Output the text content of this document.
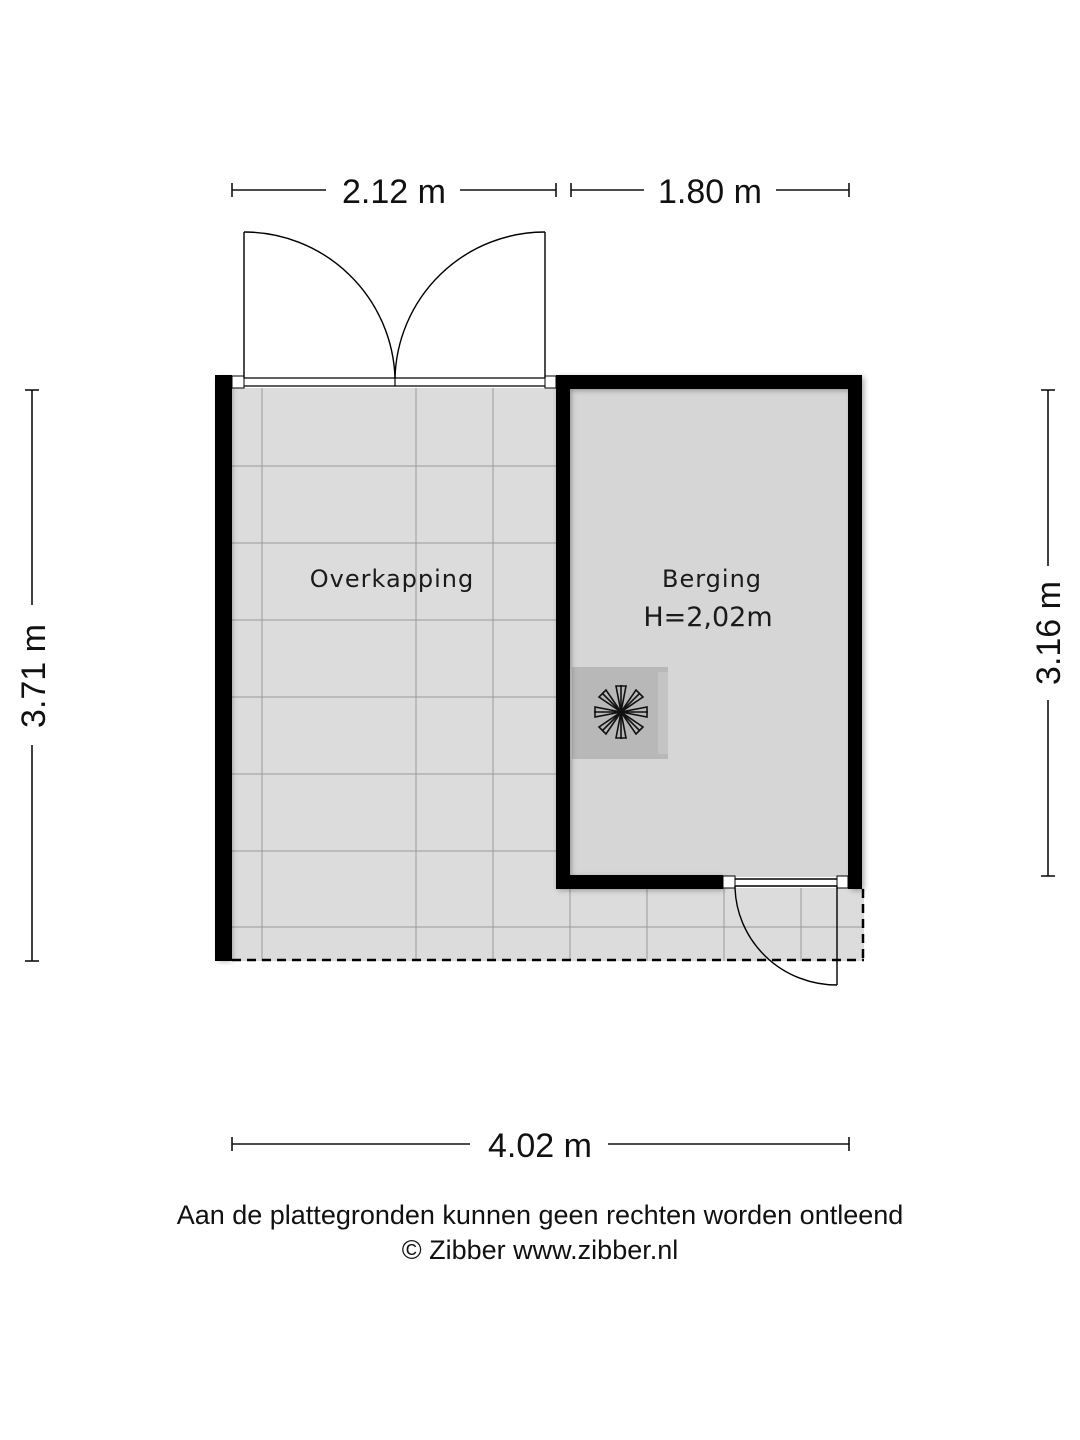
2.12 m	1.80 m
3.71 m	3.16 m
4.02 m
Overkapping	Berging
H=2,02m
Aan de plattegronden kunnen geen rechten worden ontleend
© Zibber www.zibber.nl
